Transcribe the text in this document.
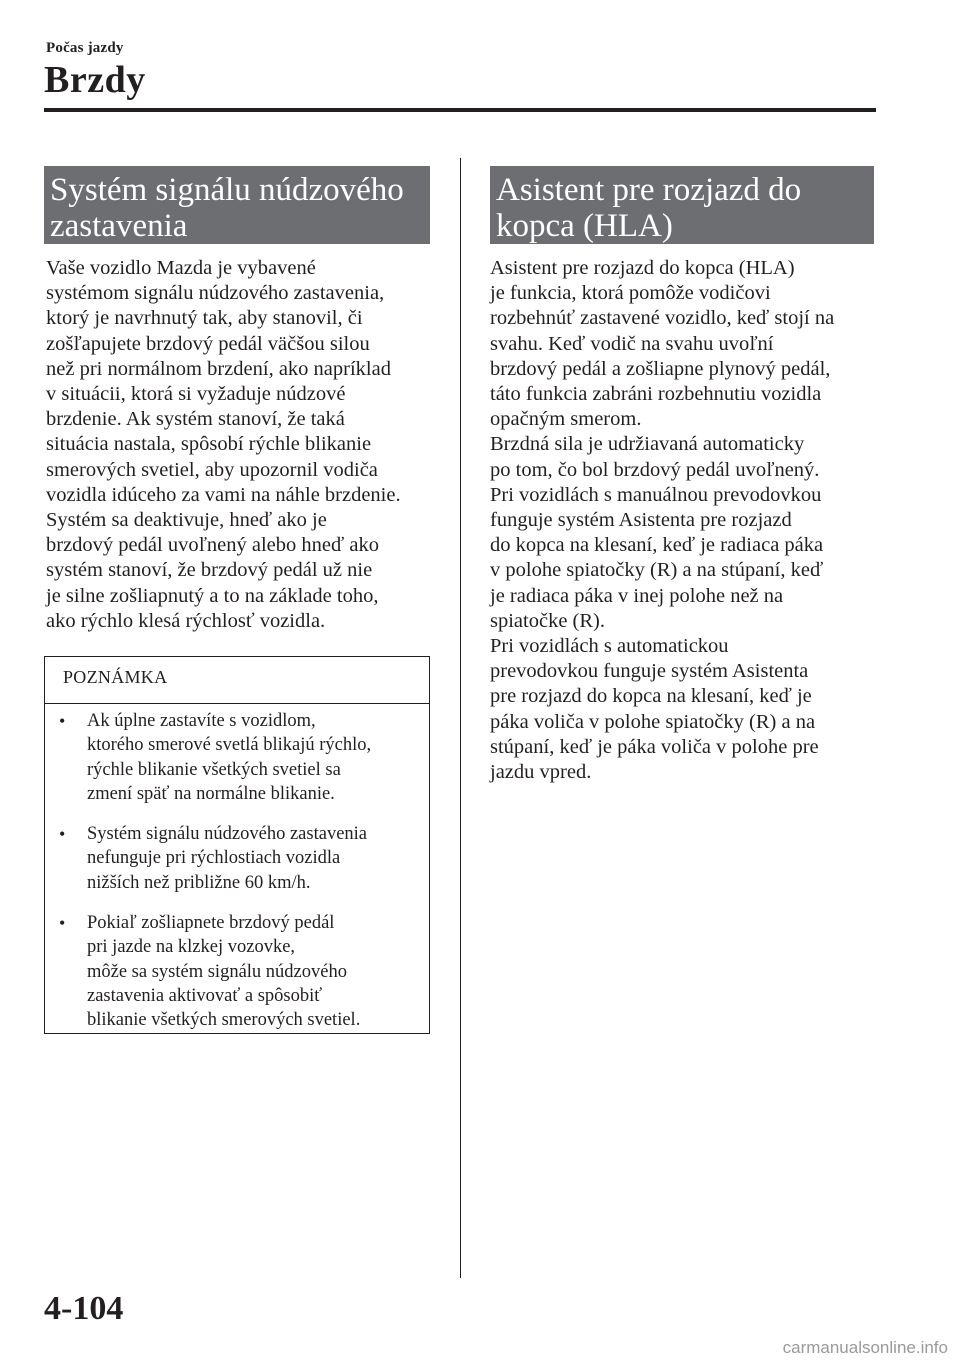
Počas jazdy
Brzdy
Systém signálu núdzového
zastavenia

Vaše vozidlo Mazda je vybavené
systémom signálu núdzového zastavenia,
ktorý je navrhnutý tak, aby stanovil, či
zošľapujete brzdový pedál väčšou silou
než pri normálnom brzdení, ako napríklad
v situácii, ktorá si vyžaduje núdzové
brzdenie. Ak systém stanoví, že taká
situácia nastala, spôsobí rýchle blikanie
smerových svetiel, aby upozornil vodiča
vozidla idúceho za vami na náhle brzdenie.
Systém sa deaktivuje, hneď ako je
brzdový pedál uvoľnený alebo hneď ako
systém stanoví, že brzdový pedál už nie
je silne zošliapnutý a to na základe toho,
ako rýchlo klesá rýchlosť vozidla.

POZNÁMKA
• Ak úplne zastavíte s vozidlom,
ktorého smerové svetlá blikajú rýchlo,
rýchle blikanie všetkých svetiel sa
zmení späť na normálne blikanie.

• Systém signálu núdzového zastavenia
nefunguje pri rýchlostiach vozidla
nižších než približne 60 km/h.

• Pokiaľ zošliapnete brzdový pedál
pri jazde na klzkej vozovke,
môže sa systém signálu núdzového
zastavenia aktivovať a spôsobiť
blikanie všetkých smerových svetiel.

Asistent pre rozjazd do
kopca (HLA)

Asistent pre rozjazd do kopca (HLA)
je funkcia, ktorá pomôže vodičovi
rozbehnúť zastavené vozidlo, keď stojí na
svahu. Keď vodič na svahu uvoľní
brzdový pedál a zošliapne plynový pedál,
táto funkcia zabráni rozbehnutiu vozidla
opačným smerom.
Brzdná sila je udržiavaná automaticky
po tom, čo bol brzdový pedál uvoľnený.
Pri vozidlách s manuálnou prevodovkou
funguje systém Asistenta pre rozjazd
do kopca na klesaní, keď je radiaca páka
v polohe spiatočky (R) a na stúpaní, keď
je radiaca páka v inej polohe než na
spiatočke (R).
Pri vozidlách s automatickou
prevodovkou funguje systém Asistenta
pre rozjazd do kopca na klesaní, keď je
páka voliča v polohe spiatočky (R) a na
stúpaní, keď je páka voliča v polohe pre
jazdu vpred.

4-104
carmanualsonline.info
